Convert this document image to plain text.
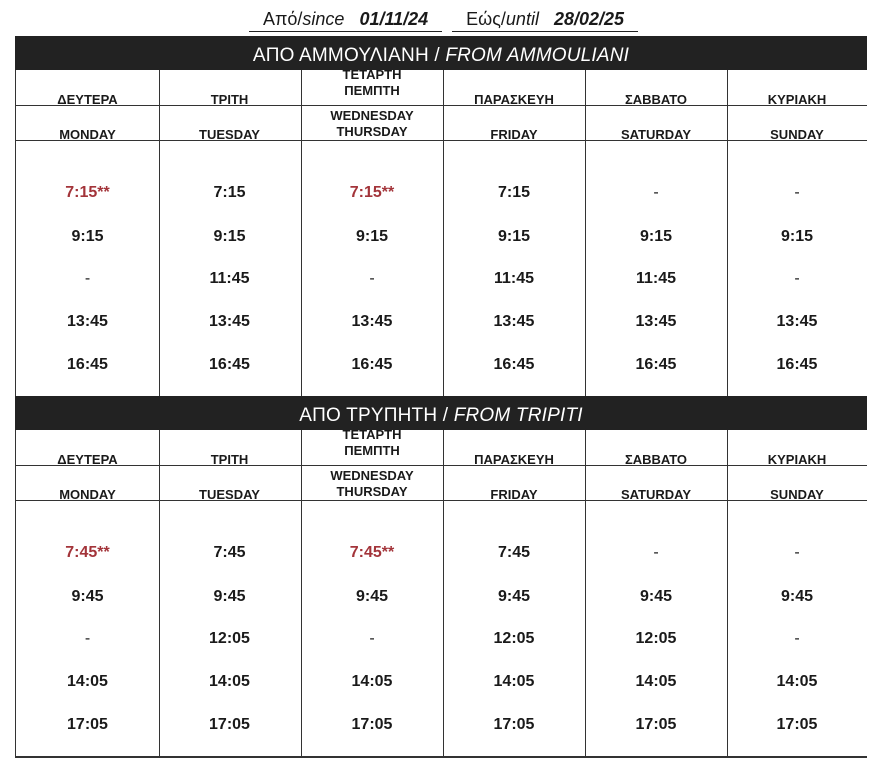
Από/since 01/11/24 Εώς/until 28/02/25
ΑΠΟ ΑΜΜΟΥΛΙΑΝΗ / FROM AMMOULIANI
ΔΕΥΤΕΡΑ
MONDAY
7:15**
9:15
-
13:45
16:45
ΤΡΙΤΗ
TUESDAY
7:15
9:15
11:45
13:45
16:45
ΤΕΤΑΡΤΗ
ΠΕΜΠΤΗ
WEDNESDAY
THURSDAY
7:15**
9:15
-
13:45
16:45
ΠΑΡΑΣΚΕΥΗ
FRIDAY
7:15
9:15
11:45
13:45
16:45
ΣΑΒΒΑΤΟ
SATURDAY
-
9:15
11:45
13:45
16:45
ΚΥΡΙΑΚΗ
SUNDAY
-
9:15
-
13:45
16:45
ΑΠΟ ΤΡΥΠΗΤΗ / FROM TRIPITI
ΔΕΥΤΕΡΑ
MONDAY
7:45**
9:45
-
14:05
17:05
ΤΡΙΤΗ
TUESDAY
7:45
9:45
12:05
14:05
17:05
ΤΕΤΑΡΤΗ
ΠΕΜΠΤΗ
WEDNESDAY
THURSDAY
7:45**
9:45
-
14:05
17:05
ΠΑΡΑΣΚΕΥΗ
FRIDAY
7:45
9:45
12:05
14:05
17:05
ΣΑΒΒΑΤΟ
SATURDAY
-
9:45
12:05
14:05
17:05
ΚΥΡΙΑΚΗ
SUNDAY
-
9:45
-
14:05
17:05
